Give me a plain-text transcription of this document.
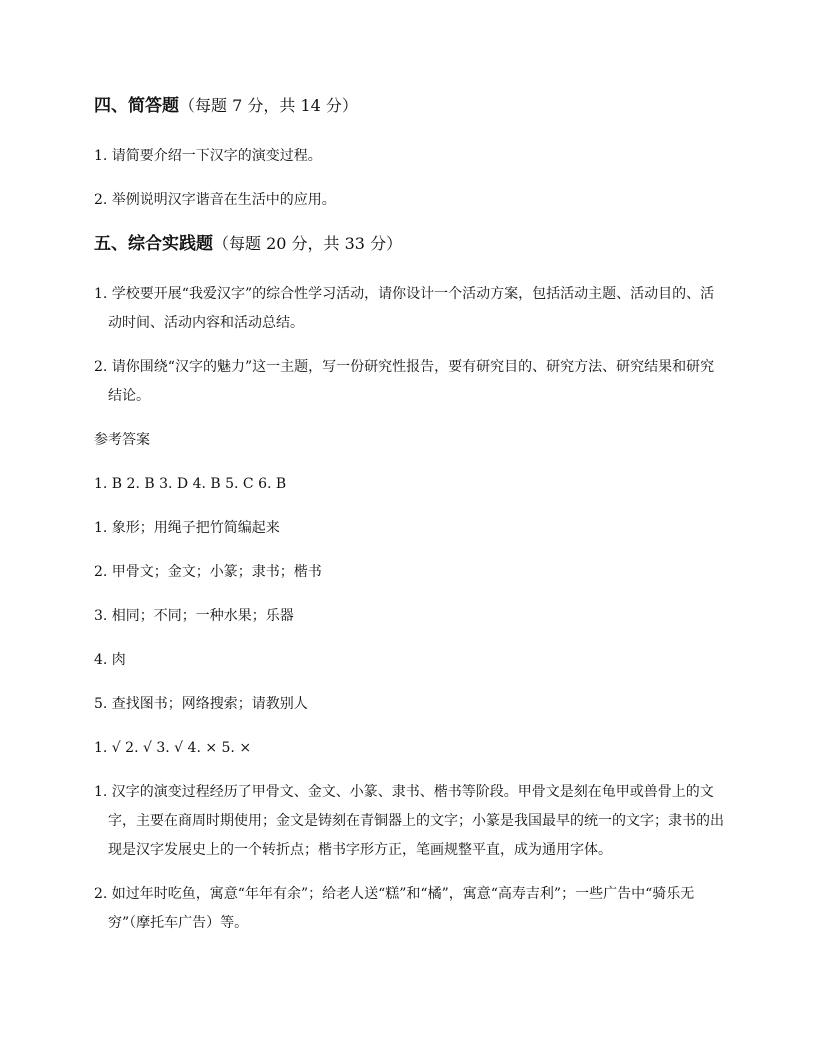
四、简答题（每题 7 分，共 14 分）

1. 请简要介绍一下汉字的演变过程。

2. 举例说明汉字谐音在生活中的应用。

五、综合实践题（每题 20 分，共 33 分）

1. 学校要开展“我爱汉字”的综合性学习活动，请你设计一个活动方案，包括活动主题、活动目的、活动时间、活动内容和活动总结。

2. 请你围绕“汉字的魅力”这一主题，写一份研究性报告，要有研究目的、研究方法、研究结果和研究结论。

参考答案

1. B 2. B 3. D 4. B 5. C 6. B

1. 象形；用绳子把竹简编起来

2. 甲骨文；金文；小篆；隶书；楷书

3. 相同；不同；一种水果；乐器

4. 肉

5. 查找图书；网络搜索；请教别人

1. √ 2. √ 3. √ 4. × 5. ×

1. 汉字的演变过程经历了甲骨文、金文、小篆、隶书、楷书等阶段。甲骨文是刻在龟甲或兽骨上的文字，主要在商周时期使用；金文是铸刻在青铜器上的文字；小篆是我国最早的统一的文字；隶书的出现是汉字发展史上的一个转折点；楷书字形方正，笔画规整平直，成为通用字体。

2. 如过年时吃鱼，寓意“年年有余”；给老人送“糕”和“橘”，寓意“高寿吉利”；一些广告中“骑乐无穷”（摩托车广告）等。
